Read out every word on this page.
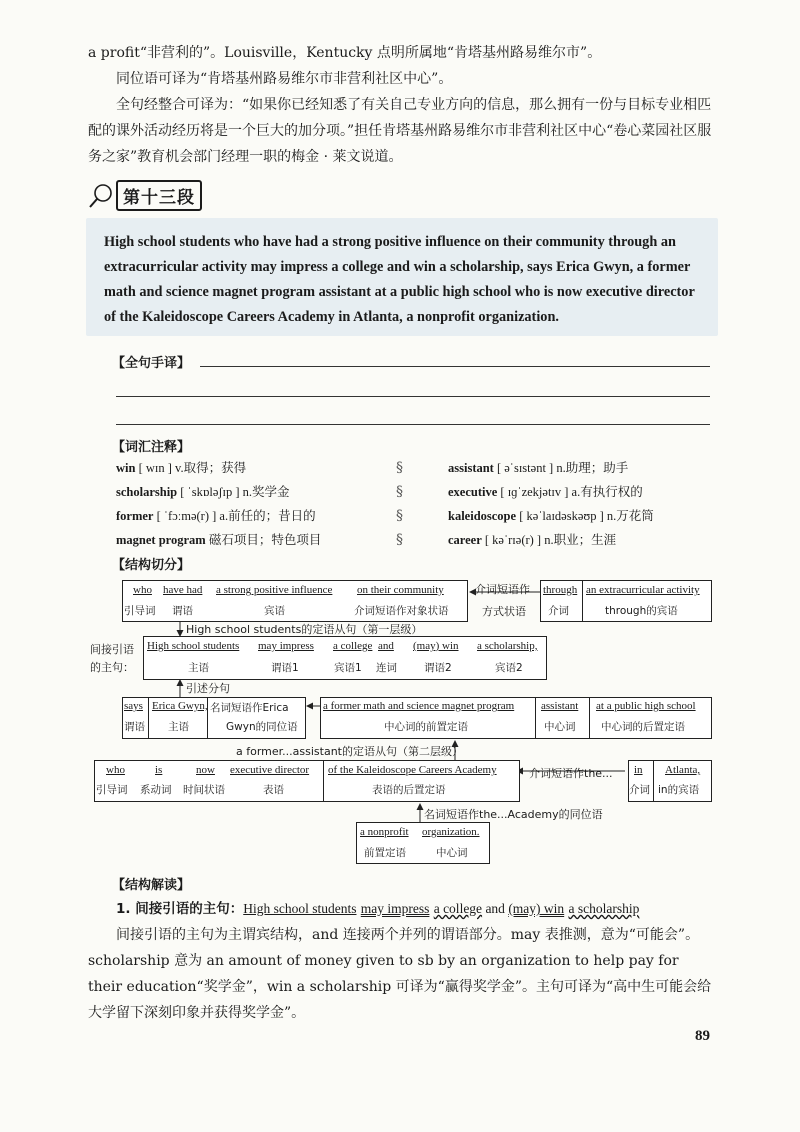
a profit“非营利的”。Louisville，Kentucky 点明所属地“肯塔基州路易维尔市”。

同位语可译为“肯塔基州路易维尔市非营利社区中心”。

全句经整合可译为：“如果你已经知悉了有关自己专业方向的信息，那么拥有一份与目标专业相匹配的课外活动经历将是一个巨大的加分项。”担任肯塔基州路易维尔市非营利社区中心“卷心菜园社区服务之家”教育机会部门经理一职的梅金 · 莱文说道。

第十三段

High school students who have had a strong positive influence on their community through an extracurricular activity may impress a college and win a scholarship, says Erica Gwyn, a former math and science magnet program assistant at a public high school who is now executive director of the Kaleidoscope Careers Academy in Atlanta, a nonprofit organization.

【全句手译】
【词汇注释】
win [ wɪn ] v.取得；获得
scholarship [ ˈskɒləʃɪp ] n.奖学金
former [ ˈfɔːmə(r) ] a.前任的；昔日的
magnet program 磁石项目；特色项目
§
§
§
§
assistant [ əˈsɪstənt ] n.助理；助手
executive [ ɪɡˈzekjətɪv ] a.有执行权的
kaleidoscope [ kəˈlaɪdəskəʊp ] n.万花筒
career [ kəˈrɪə(r) ] n.职业；生涯
【结构切分】
who
引导词
have had
谓语
a strong positive influence
宾语
on their community
介词短语作对象状语
介词短语作
方式状语
through
介词
an extracurricular activity
through的宾语
High school students的定语从句（第一层级）
间接引语
的主句：
High school students
主语
may impress
谓语1
a college
宾语1
and
连词
(may) win
谓语2
a scholarship,
宾语2
引述分句
says
谓语
Erica Gwyn,
主语
名词短语作Erica
Gwyn的同位语
a former math and science magnet program
中心词的前置定语
assistant
中心词
at a public high school
中心词的后置定语
a former...assistant的定语从句（第二层级）
who
引导词
is
系动词
now
时间状语
executive director
表语
of the Kaleidoscope Careers Academy
表语的后置定语
介词短语作the... in
介词
Atlanta,
in的宾语
名词短语作the...Academy的同位语
a nonprofit
前置定语
organization.
中心词
【结构解读】
1. 间接引语的主句：High school students may impress a college and (may) win a scholarship

间接引语的主句为主谓宾结构，and 连接两个并列的谓语部分。may 表推测，意为“可能会”。scholarship 意为 an amount of money given to sb by an organization to help pay for their education“奖学金”，win a scholarship 可译为“赢得奖学金”。主句可译为“高中生可能会给大学留下深刻印象并获得奖学金”。

89
